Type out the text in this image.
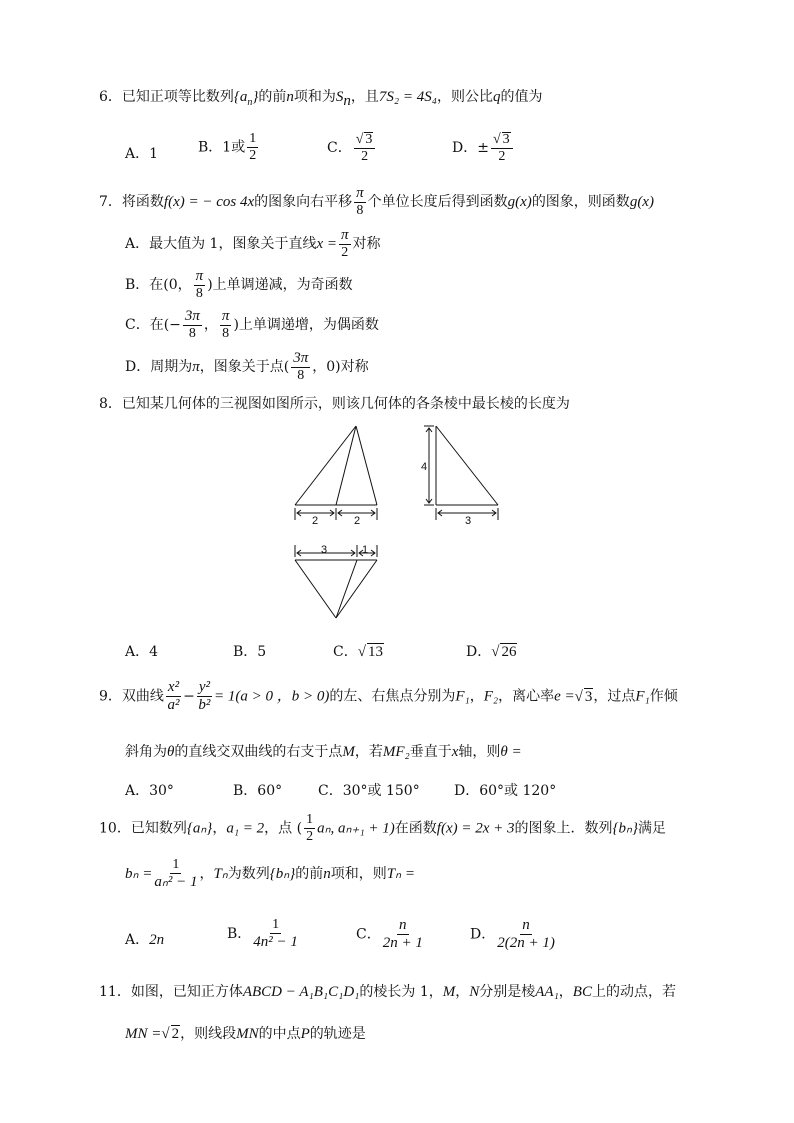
6．已知正项等比数列$\{a_n\}$的前n项和为$S_n$，且7S₂ = 4S₄，则公比q的值为
A．1	B．1或 $\frac{1}{2}$	C． $\frac{√ 3}{2}$	D．± $\frac{√ 3}{2}$
7．将函数f(x) = − cos 4x的图象向右平移 $\frac{\pi}{8}$ 个单位长度后得到函数g(x)的图象，则函数g(x)
A．最大值为 1，图象关于直线$x = \frac{\pi}{2}$ 对称
B．在(0， $\frac{\pi}{8}$ )上单调递减，为奇函数
C．在(− $\frac{3\pi}{8}$ ， $\frac{\pi}{8}$ )上单调递增，为偶函数
D．周期为π，图象关于点( $\frac{3\pi}{8}$ ，0)对称
8．已知某几何体的三视图如图所示，则该几何体的各条棱中最长棱的长度为
2	2
4
3
3	1
A．4	B．5	C．√ 13	D．√ 26
9．双曲线 $\frac{\text{x²}}{\text{a²}} - \frac{\text{y²}}{\text{b²}} = 1(a > 0$ ，b > 0)的左、右焦点分别为F₁，F₂，离心率e =√ 3，过点F₁作倾
斜角为θ的直线交双曲线的右支于点M，若MF₂垂直于x轴，则θ =
A．30°	B．60°	C．30°或 150° D．60°或 120°
10．已知数列{aₙ}，a₁ = 2，点 ( $\frac{1}{2} a_n$, aₙ₊₁ + 1)在函数f(x) = 2x + 3的图象上．数列{bₙ}满足
$b_n = \frac{1}{\text{aₙ² − 1}}$ ，Tₙ为数列{bₙ}的前n项和，则Tₙ =
A．2n	B． $\frac{1}{\text{4n² − 1}}$	C． $\frac{n}{2n + 1}$	D． $\frac{n}{2(2n + 1)}$
11．如图，已知正方体ABCD − A₁B₁C₁D₁的棱长为 1，M，N分别是棱AA₁，BC上的动点，若
MN =√ 2，则线段MN的中点P的轨迹是
